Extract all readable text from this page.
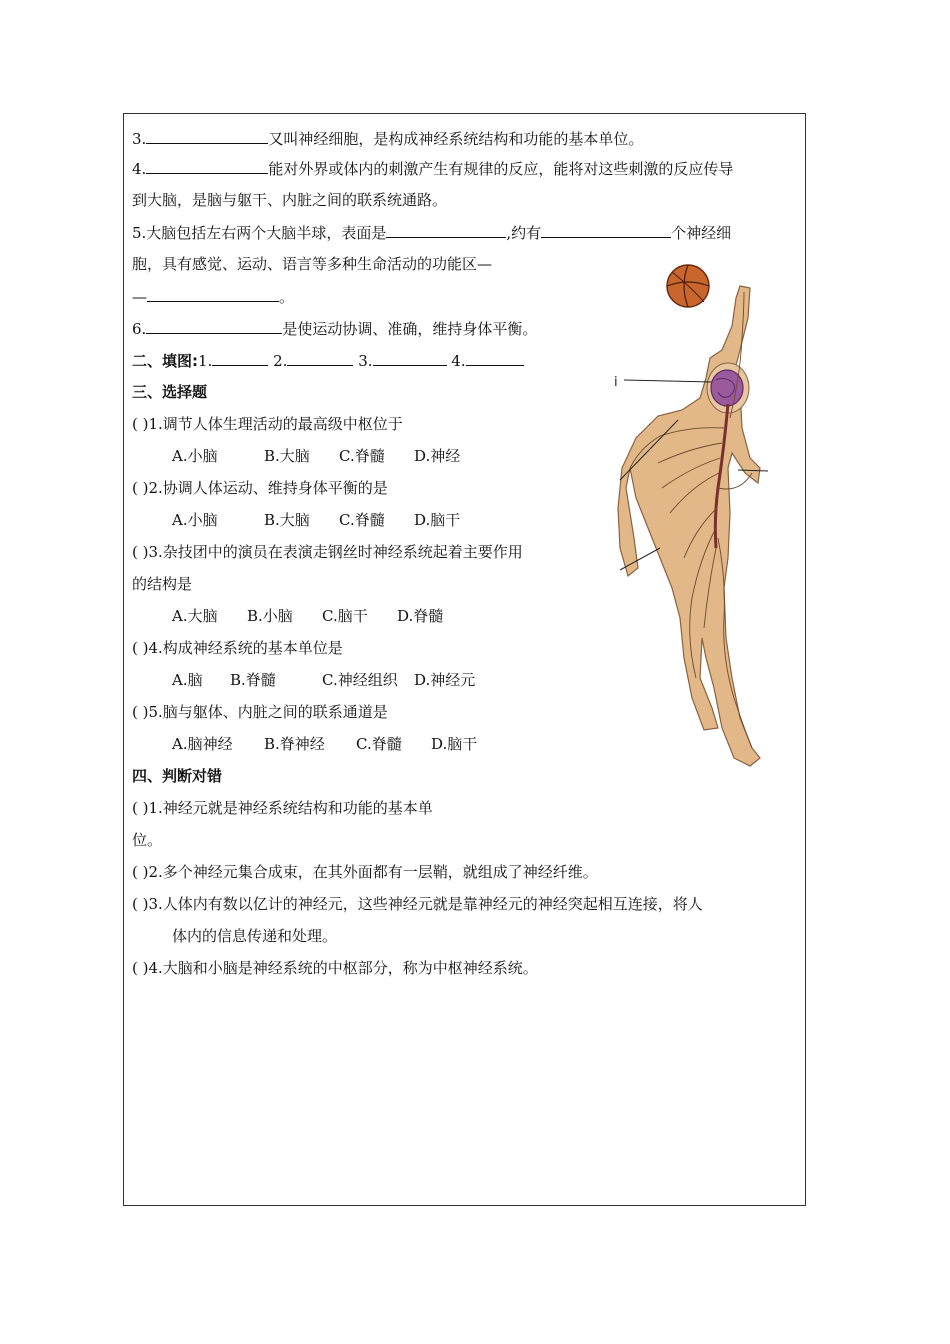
3.	又叫神经细胞，是构成神经系统结构和功能的基本单位。
4.	能对外界或体内的刺激产生有规律的反应，能将对这些刺激的反应传导
到大脑，是脑与躯干、内脏之间的联系统通路。
5.大脑包括左右两个大脑半球，表面是	,约有	个神经细
胞，具有感觉、运动、语言等多种生命活动的功能区—
—	。
6.	是使运动协调、准确，维持身体平衡。
二、填图:1.	2.	3.	4.
三、选择题
( )1.调节人体生理活动的最高级中枢位于
A.小脑	B.大脑 C.脊髓 D.神经
( )2.协调人体运动、维持身体平衡的是
A.小脑	B.大脑 C.脊髓 D.脑干
( )3.杂技团中的演员在表演走钢丝时神经系统起着主要作用
的结构是
A.大脑 B.小脑 C.脑干 D.脊髓
( )4.构成神经系统的基本单位是
A.脑 B.脊髓	C.神经组织 D.神经元
( )5.脑与躯体、内脏之间的联系通道是
A.脑神经 B.脊神经 C.脊髓 D.脑干
四、判断对错
( )1.神经元就是神经系统结构和功能的基本单
位。
( )2.多个神经元集合成束，在其外面都有一层鞘，就组成了神经纤维。
( )3.人体内有数以亿计的神经元，这些神经元就是靠神经元的神经突起相互连接，将人
体内的信息传递和处理。
( )4.大脑和小脑是神经系统的中枢部分，称为中枢神经系统。
i
